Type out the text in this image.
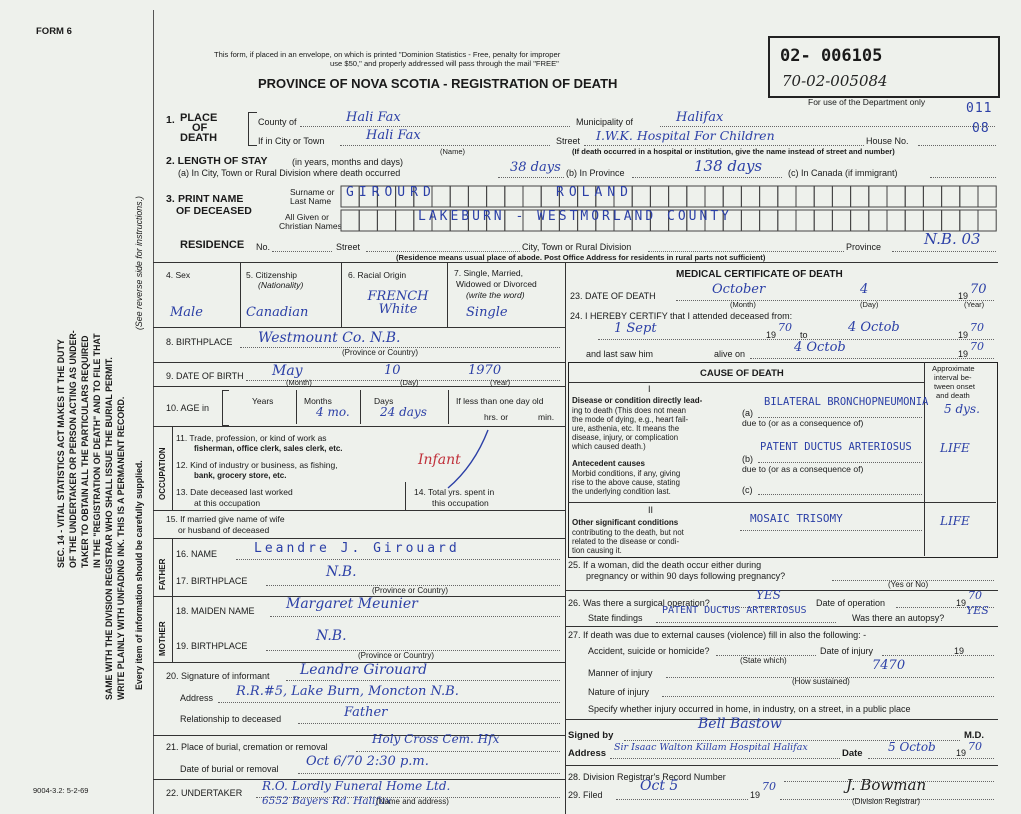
FORM 6
9004-3.2: 5-2-69
SEC. 14 - VITAL STATISTICS ACT MAKES IT THE DUTY OF THE UNDERTAKER OR PERSON ACTING AS UNDER- TAKER TO OBTAIN ALL THE PARTICULARS REQUIRED IN THE "REGISTRATION OF DEATH" AND TO FILE THAT SAME WITH THE DIVISION REGISTRAR WHO SHALL ISSUE THE BURIAL PERMIT. WRITE PLAINLY WITH UNFADING INK. THIS IS A PERMANENT RECORD. Every item of information should be carefully supplied.
(See reverse side for instructions.)
This form, if placed in an envelope, on which is printed "Dominion Statistics - Free, penalty for improper
use $50," and properly addressed will pass through the mail "FREE"
PROVINCE OF NOVA SCOTIA - REGISTRATION OF DEATH
02- 006105
70-02-005084
For use of the Department only	011
08
1. PLACE
OF
DEATH
County of	Hali Fax	Municipality of	Halifax
If in City or Town	Hali Fax
(Name)
Street I.W.K. Hospital For Children	House No.
(If death occurred in a hospital or institution, give the name instead of street and number)
2. LENGTH OF STAY	(in years, months and days)
(a) In City, Town or Rural Division where death occurred	38 days (b) In Province	138 days	(c) In Canada (if immigrant)
3. PRINT NAME
OF DECEASED
Surname or
Last Name
All Given or
Christian Names
GIROURD	ROLAND
LAKEBURN - WESTMORLAND COUNTY
RESIDENCE No.	Street	City, Town or Rural Division	Province	N.B. 03
(Residence means usual place of abode. Post Office Address for residents in rural parts not sufficient)
4. Sex
Male
5. Citizenship
(Nationality)
Canadian
6. Racial Origin
FRENCH White
7. Single, Married,
Widowed or Divorced
(write the word)
Single
8. BIRTHPLACE Westmount Co. N.B.
(Province or Country)
9. DATE OF BIRTH May	10	1970
(Month)	(Day)	(Year)
10. AGE in
Years	Months
4 mo.
Days
24 days
If less than one day old
hrs. or	min.
OCCUPATION
11. Trade, profession, or kind of work as
fisherman, office clerk, sales clerk, etc.
12. Kind of industry or business, as fishing,
bank, grocery store, etc.
Infant
13. Date deceased last worked
at this occupation
14. Total yrs. spent in
this occupation
15. If married give name of wife
or husband of deceased
FATHER
16. NAME	Leandre J. Girouard
17. BIRTHPLACE
N.B.
(Province or Country)
MOTHER
18. MAIDEN NAME Margaret Meunier
19. BIRTHPLACE
N.B.
(Province or Country)
20. Signature of informant Leandre Girouard
Address R.R.#5, Lake Burn, Moncton N.B.
Relationship to deceased	Father
21. Place of burial, cremation or removal
Holy Cross Cem. Hfx
Date of burial or removal Oct 6/70 2:30 p.m.
22. UNDERTAKER R.O. Lordly Funeral Home Ltd.
6552 Bayers Rd. Halifax
(Name and address)
MEDICAL CERTIFICATE OF DEATH
23. DATE OF DEATH	October	4	19 70
(Month)	(Day)	(Year)
24. I HEREBY CERTIFY that I attended deceased from:
1 Sept	19
70
to	4 Octob	19
70
and last saw him	alive on	4 Octob	19
70
CAUSE OF DEATH	Approximate
interval be-
tween onset
and death
I
Disease or condition directly lead-
ing to death (This does not mean
the mode of dying, e.g., heart fail-
ure, asthenia, etc. It means the
disease, injury, or complication
which caused death.)
(a)
BILATERAL BRONCHOPNEUMONIA 5 dys.
due to (or as a consequence of)
Antecedent causes
Morbid conditions, if any, giving
rise to the above cause, stating
the underlying condition last.
(b)
PATENT DUCTUS ARTERIOSUS LIFE
due to (or as a consequence of)
(c)
II
Other significant conditions
contributing to the death, but not
related to the disease or condi-
tion causing it.
MOSAIC TRISOMY	LIFE
25. If a woman, did the death occur either during
pregnancy or within 90 days following pregnancy?
(Yes or No)
26. Was there a surgical operation?
YES
Date of operation	19
70
State findings
PATENT DUCTUS ARTERIOSUS
Was there an autopsy?
YES
27. If death was due to external causes (violence) fill in also the following: -
Accident, suicide or homicide?	Date of injury	19
(State which)
Manner of injury	7470
(How sustained)
Nature of injury
Specify whether injury occurred in home, in industry, on a street, in a public place
Signed by
Bell Bastow
M.D.
Address
Sir Isaac Walton Killam Hospital Halifax
Date 5 Octob 19 70
28. Division Registrar's Record Number
29. Filed
Oct 5
19
70	J. Bowman
(Division Registrar)
